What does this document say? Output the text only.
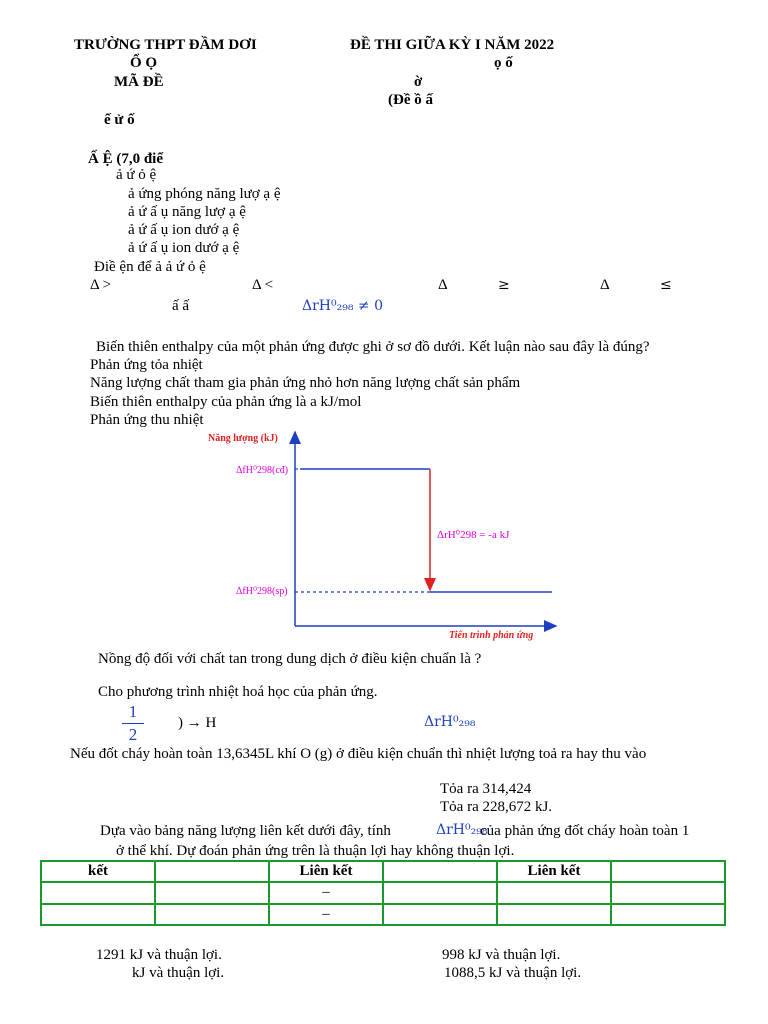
TRƯỜNG THPT ĐẦM DƠI	ĐỀ THI GIỮA KỲ I NĂM 2022
Ổ Ọ	ọ ố
MÃ ĐỀ	ờ
(Đề ồ ấ
ế ử ố
Ấ Ệ (7,0 điể
ả ứ ỏ ệ
ả ứng phóng năng lượ ạ ệ
ả ứ ấ ụ năng lượ ạ ệ
ả ứ ấ ụ ion dướ ạ ệ
ả ứ ấ ụ ion dướ ạ ệ
Điề ện để ả ả ứ ỏ ệ
Δ >	Δ <	Δ	≥	Δ	≤
ấ ấ	ΔrH⁰₂₉₈ ≠ 0
Biến thiên enthalpy của một phản ứng được ghi ở sơ đồ dưới. Kết luận nào sau đây là đúng?
Phản ứng tỏa nhiệt
Năng lượng chất tham gia phản ứng nhỏ hơn năng lượng chất sản phẩm
Biến thiên enthalpy của phản ứng là a kJ/mol
Phản ứng thu nhiệt
Năng lượng (kJ)
Tiến trình phản ứng
ΔfH⁰298(cđ)
ΔfH⁰298(sp)
ΔrH⁰298 = -a kJ
Nồng độ đối với chất tan trong dung dịch ở điều kiện chuẩn là ?
Cho phương trình nhiệt hoá học của phản ứng.
$\frac{1}{2}$ ) → H	ΔrH⁰₂₉₈
Nếu đốt cháy hoàn toàn 13,6345L khí O (g) ở điều kiện chuẩn thì nhiệt lượng toả ra hay thu vào
Tỏa ra 314,424
Tỏa ra 228,672 kJ.
Dựa vào bảng năng lượng liên kết dưới đây, tính	ΔrH⁰₂₉₈
của phản ứng đốt cháy hoàn toàn 1
ở thể khí. Dự đoán phản ứng trên là thuận lợi hay không thuận lợi.
kết		Liên kết		Liên kết	
		–			
		–			
1291 kJ và thuận lợi.	998 kJ và thuận lợi.
kJ và thuận lợi.	1088,5 kJ và thuận lợi.
